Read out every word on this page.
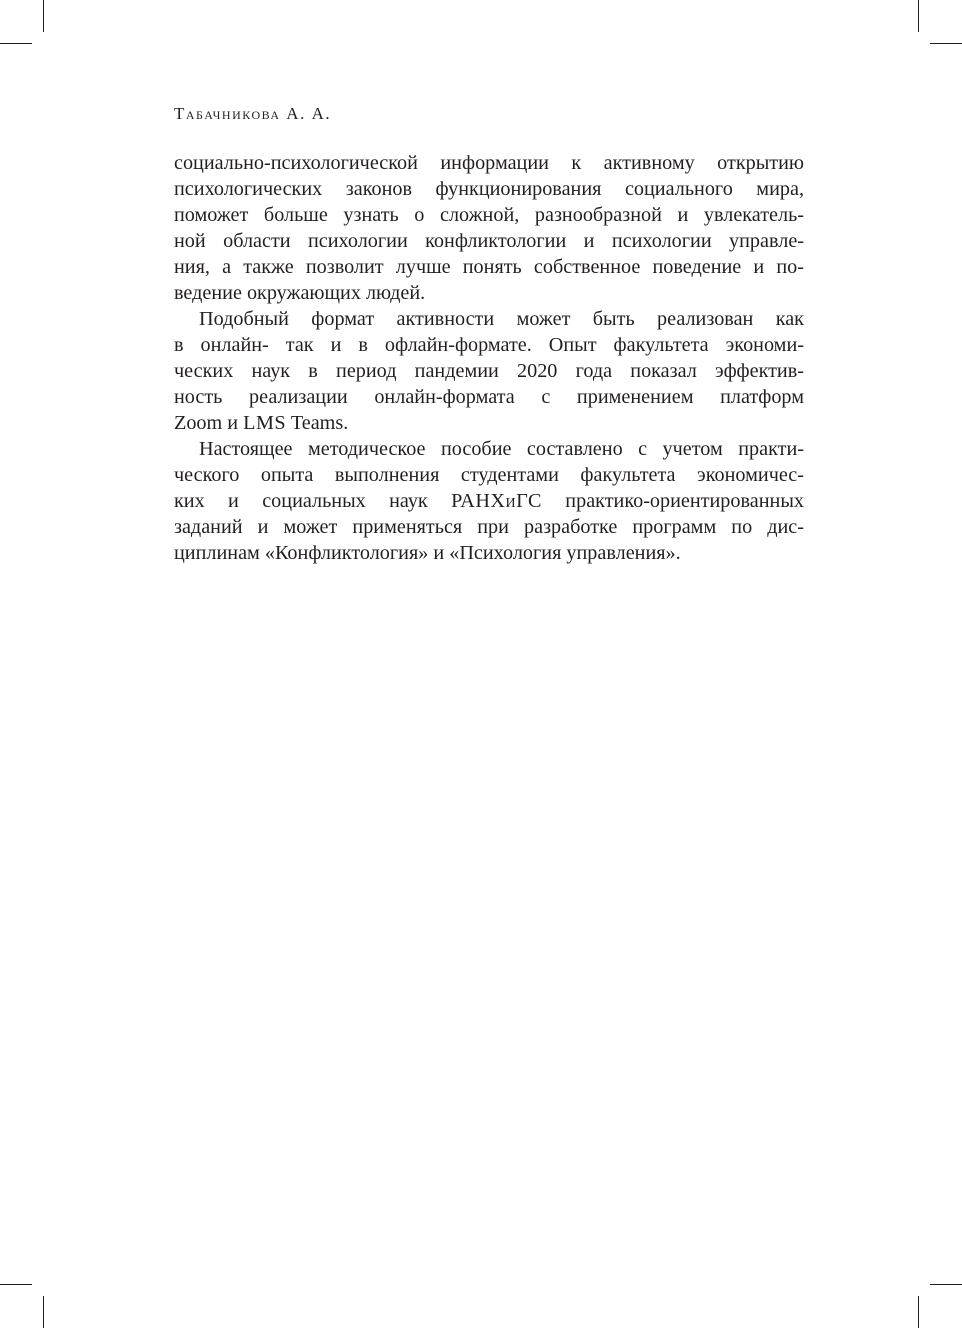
Табачникова А. А.
социально-психологической информации к активному открытию
психологических законов функционирования социального мира,
поможет больше узнать о сложной, разнообразной и увлекатель-
ной области психологии конфликтологии и психологии управле-
ния, а также позволит лучше понять собственное поведение и по-
ведение окружающих людей.
Подобный формат активности может быть реализован как
в онлайн- так и в офлайн-формате. Опыт факультета экономи-
ческих наук в период пандемии 2020 года показал эффектив-
ность реализации онлайн-формата с применением платформ
Zoom и LMS Teams.
Настоящее методическое пособие составлено с учетом практи-
ческого опыта выполнения студентами факультета экономичес-
ких и социальных наук РАНХиГС практико-ориентированных
заданий и может применяться при разработке программ по дис-
циплинам «Конфликтология» и «Психология управления».
